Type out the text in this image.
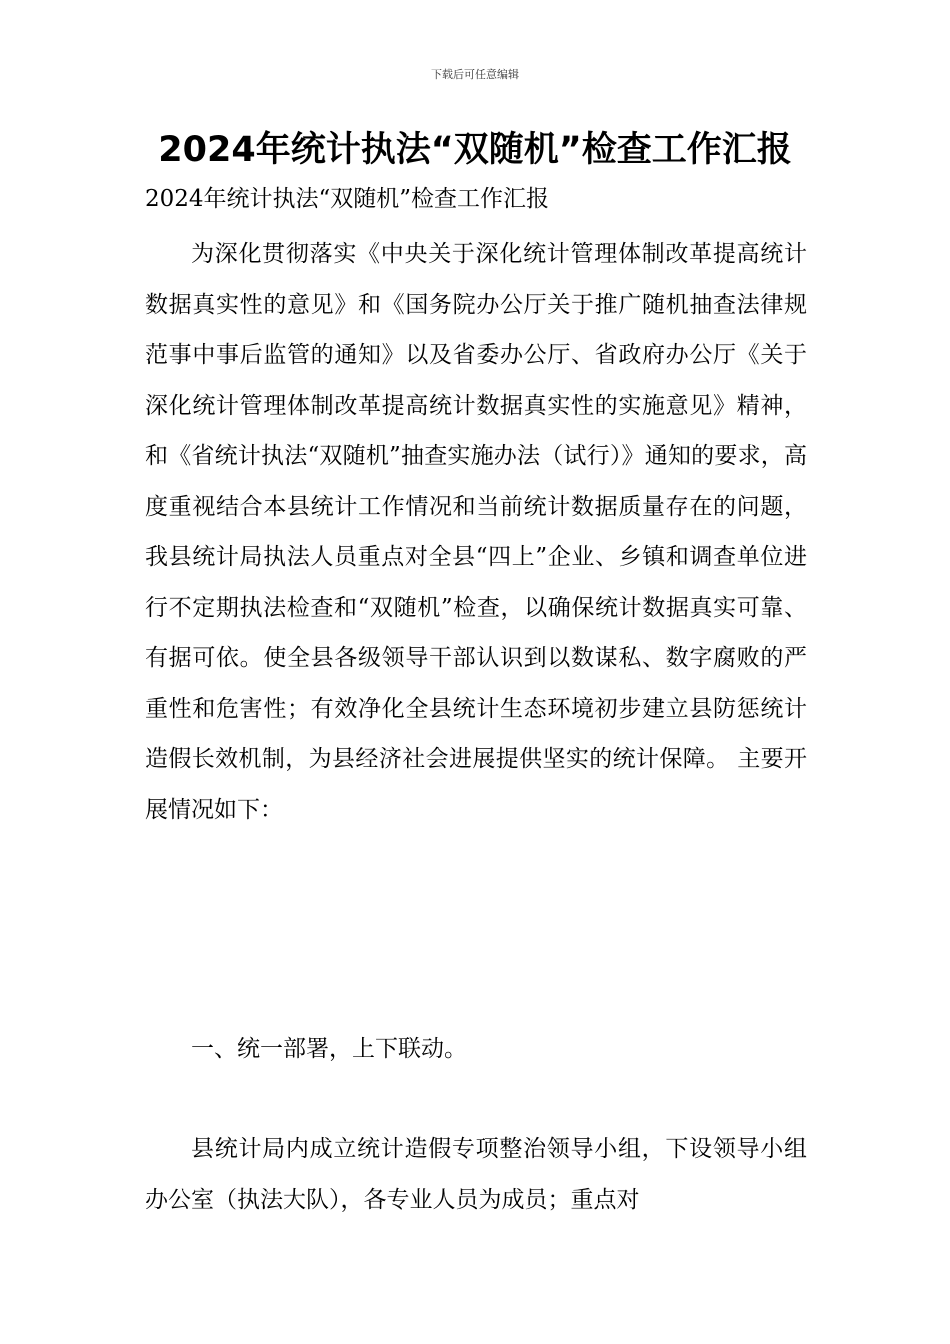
下载后可任意编辑
2024年统计执法“双随机”检查工作汇报
2024年统计执法“双随机”检查工作汇报

为深化贯彻落实《中央关于深化统计管理体制改革提高统计数据真实性的意见》和《国务院办公厅关于推广随机抽查法律规范事中事后监管的通知》以及省委办公厅、省政府办公厅《关于深化统计管理体制改革提高统计数据真实性的实施意见》精神，和《省统计执法“双随机”抽查实施办法（试行）》通知的要求，高度重视结合本县统计工作情况和当前统计数据质量存在的问题，我县统计局执法人员重点对全县“四上”企业、乡镇和调查单位进行不定期执法检查和“双随机”检查，以确保统计数据真实可靠、有据可依。使全县各级领导干部认识到以数谋私、数字腐败的严重性和危害性；有效净化全县统计生态环境初步建立县防惩统计造假长效机制，为县经济社会进展提供坚实的统计保障。 主要开展情况如下：

一、统一部署，上下联动。

县统计局内成立统计造假专项整治领导小组，下设领导小组办公室（执法大队），各专业人员为成员；重点对
